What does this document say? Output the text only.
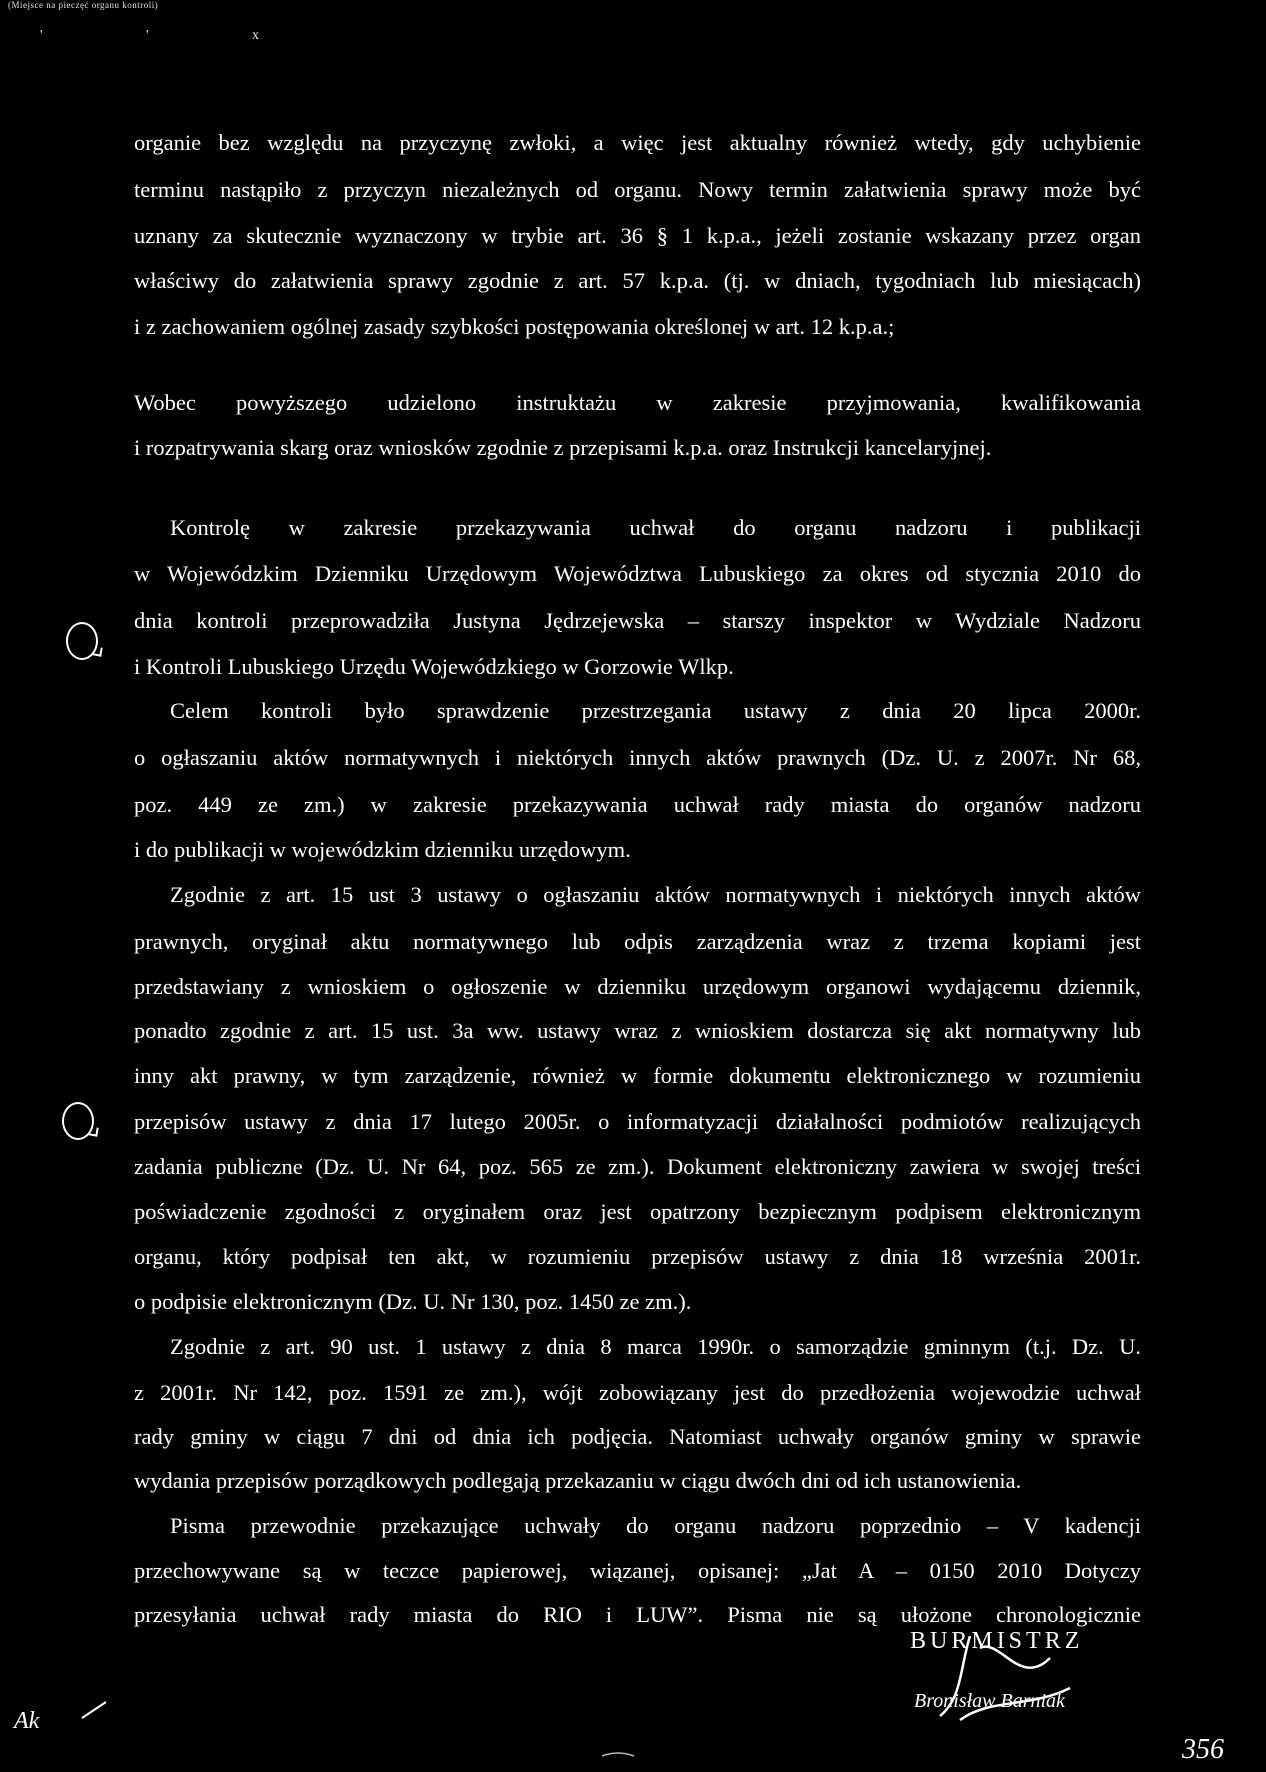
(Miejsce na pieczęć organu kontroli)
' ' x
organie bez względu na przyczynę zwłoki, a więc jest aktualny również wtedy, gdy uchybienie
terminu nastąpiło z przyczyn niezależnych od organu. Nowy termin załatwienia sprawy może być
uznany za skutecznie wyznaczony w trybie art. 36 § 1 k.p.a., jeżeli zostanie wskazany przez organ
właściwy do załatwienia sprawy zgodnie z art. 57 k.p.a. (tj. w dniach, tygodniach lub miesiącach)
i z zachowaniem ogólnej zasady szybkości postępowania określonej w art. 12 k.p.a.;
Wobec powyższego udzielono instruktażu w zakresie przyjmowania, kwalifikowania
i rozpatrywania skarg oraz wniosków zgodnie z przepisami k.p.a. oraz Instrukcji kancelaryjnej.
Kontrolę w zakresie przekazywania uchwał do organu nadzoru i publikacji
w Wojewódzkim Dzienniku Urzędowym Województwa Lubuskiego za okres od stycznia 2010 do
dnia kontroli przeprowadziła Justyna Jędrzejewska – starszy inspektor w Wydziale Nadzoru
i Kontroli Lubuskiego Urzędu Wojewódzkiego w Gorzowie Wlkp.
Celem kontroli było sprawdzenie przestrzegania ustawy z dnia 20 lipca 2000r.
o ogłaszaniu aktów normatywnych i niektórych innych aktów prawnych (Dz. U. z 2007r. Nr 68,
poz. 449 ze zm.) w zakresie przekazywania uchwał rady miasta do organów nadzoru
i do publikacji w wojewódzkim dzienniku urzędowym.
Zgodnie z art. 15 ust 3 ustawy o ogłaszaniu aktów normatywnych i niektórych innych aktów
prawnych, oryginał aktu normatywnego lub odpis zarządzenia wraz z trzema kopiami jest
przedstawiany z wnioskiem o ogłoszenie w dzienniku urzędowym organowi wydającemu dziennik,
ponadto zgodnie z art. 15 ust. 3a ww. ustawy wraz z wnioskiem dostarcza się akt normatywny lub
inny akt prawny, w tym zarządzenie, również w formie dokumentu elektronicznego w rozumieniu
przepisów ustawy z dnia 17 lutego 2005r. o informatyzacji działalności podmiotów realizujących
zadania publiczne (Dz. U. Nr 64, poz. 565 ze zm.). Dokument elektroniczny zawiera w swojej treści
poświadczenie zgodności z oryginałem oraz jest opatrzony bezpiecznym podpisem elektronicznym
organu, który podpisał ten akt, w rozumieniu przepisów ustawy z dnia 18 września 2001r.
o podpisie elektronicznym (Dz. U. Nr 130, poz. 1450 ze zm.).
Zgodnie z art. 90 ust. 1 ustawy z dnia 8 marca 1990r. o samorządzie gminnym (t.j. Dz. U.
z 2001r. Nr 142, poz. 1591 ze zm.), wójt zobowiązany jest do przedłożenia wojewodzie uchwał
rady gminy w ciągu 7 dni od dnia ich podjęcia. Natomiast uchwały organów gminy w sprawie
wydania przepisów porządkowych podlegają przekazaniu w ciągu dwóch dni od ich ustanowienia.
Pisma przewodnie przekazujące uchwały do organu nadzoru poprzednio – V kadencji
przechowywane są w teczce papierowej, wiązanej, opisanej: „Jat A – 0150 2010 Dotyczy
przesyłania uchwał rady miasta do RIO i LUW”. Pisma nie są ułożone chronologicznie
BURMISTRZ
Bronisław Barniak
Ak
356
